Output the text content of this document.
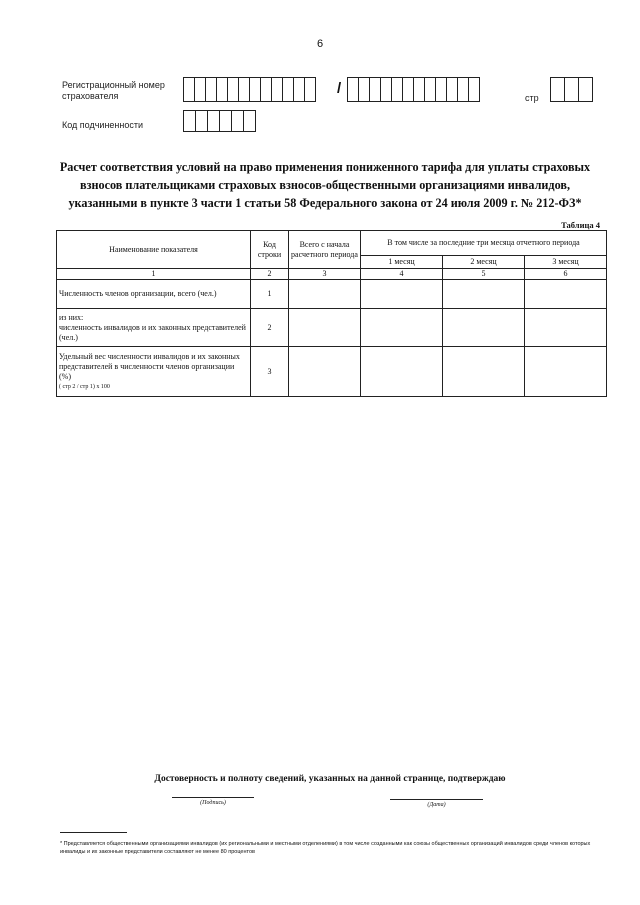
6
Регистрационный номер страхователя	/
стр
Код подчиненности
Расчет соответствия условий на право применения пониженного тарифа для уплаты страховых взносов плательщиками страховых взносов-общественными организациями инвалидов, указанными в пункте 3 части 1 статьи 58 Федерального закона от 24 июля 2009 г. № 212-ФЗ*
Таблица 4
Наименование показателя	Код строки	Всего с начала расчетного периода	В том числе за последние три месяца отчетного периода		
			1 месяц	2 месяц	3 месяц
1	2	3	4	5	6
Численность членов организации, всего (чел.)	1				

из них:
численность инвалидов и их законных представителей (чел.)	2				

Удельный вес численности инвалидов и их законных представителей в численности членов организации (%)
( стр 2 / стр 1) х 100	3				
Достоверность и полноту сведений, указанных на данной странице, подтверждаю
(Подпись)	(Дата)
* Представляется общественными организациями инвалидов (их региональными и местными отделениями) в том числе созданными как союзы общественных организаций инвалидов среди членов которых инвалиды и их законные представители составляют не менее 80 процентов
